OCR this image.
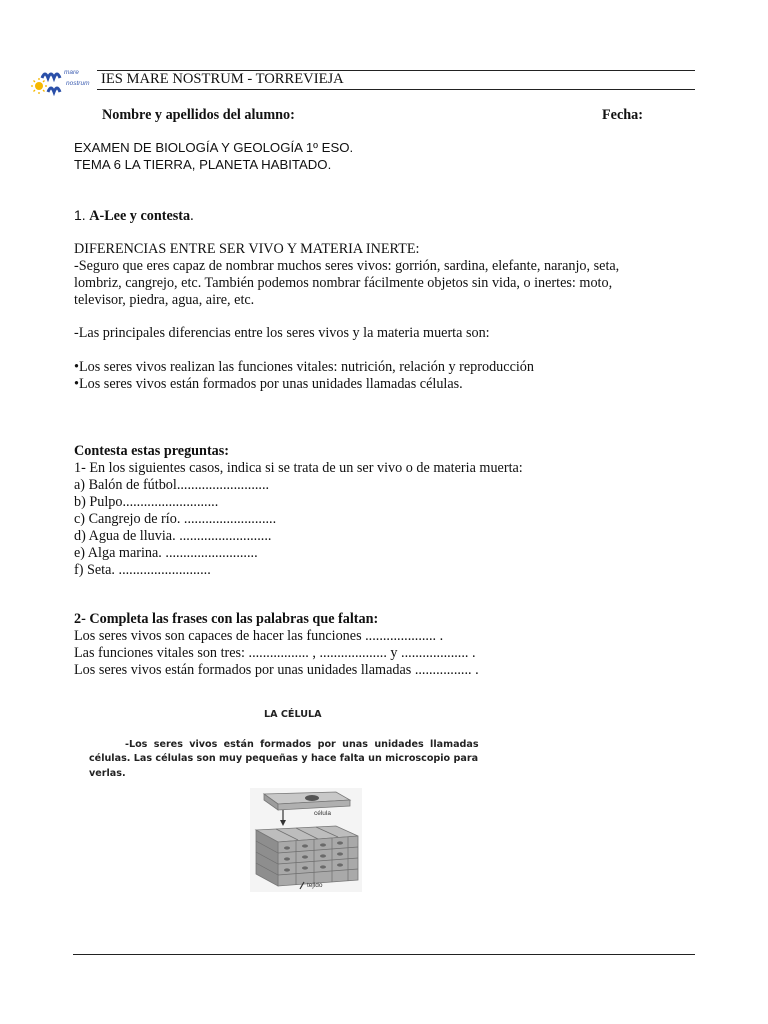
mare
nostrum IES MARE NOSTRUM - TORREVIEJA
Nombre y apellidos del alumno:	Fecha:
EXAMEN DE BIOLOGÍA Y GEOLOGÍA 1º ESO.
TEMA 6 LA TIERRA, PLANETA HABITADO.
1. A-Lee y contesta.
DIFERENCIAS ENTRE SER VIVO Y MATERIA INERTE:
-Seguro que eres capaz de nombrar muchos seres vivos: gorrión, sardina, elefante, naranjo, seta,
lombriz, cangrejo, etc. También podemos nombrar fácilmente objetos sin vida, o inertes: moto,
televisor, piedra, agua, aire, etc.
-Las principales diferencias entre los seres vivos y la materia muerta son:
•Los seres vivos realizan las funciones vitales: nutrición, relación y reproducción
•Los seres vivos están formados por unas unidades llamadas células.
Contesta estas preguntas:
1- En los siguientes casos, indica si se trata de un ser vivo o de materia muerta:
a) Balón de fútbol..........................
b) Pulpo...........................
c) Cangrejo de río. ..........................
d) Agua de lluvia. ..........................
e) Alga marina. ..........................
f) Seta. ..........................
2- Completa las frases con las palabras que faltan:
Los seres vivos son capaces de hacer las funciones .................... .
Las funciones vitales son tres: ................. , ................... y ................... .
Los seres vivos están formados por unas unidades llamadas ................ .
LA CÉLULA
-Los seres vivos están formados por unas unidades llamadas
células. Las células son muy pequeñas y hace falta un microscopio para
verlas.
célula
tejido
